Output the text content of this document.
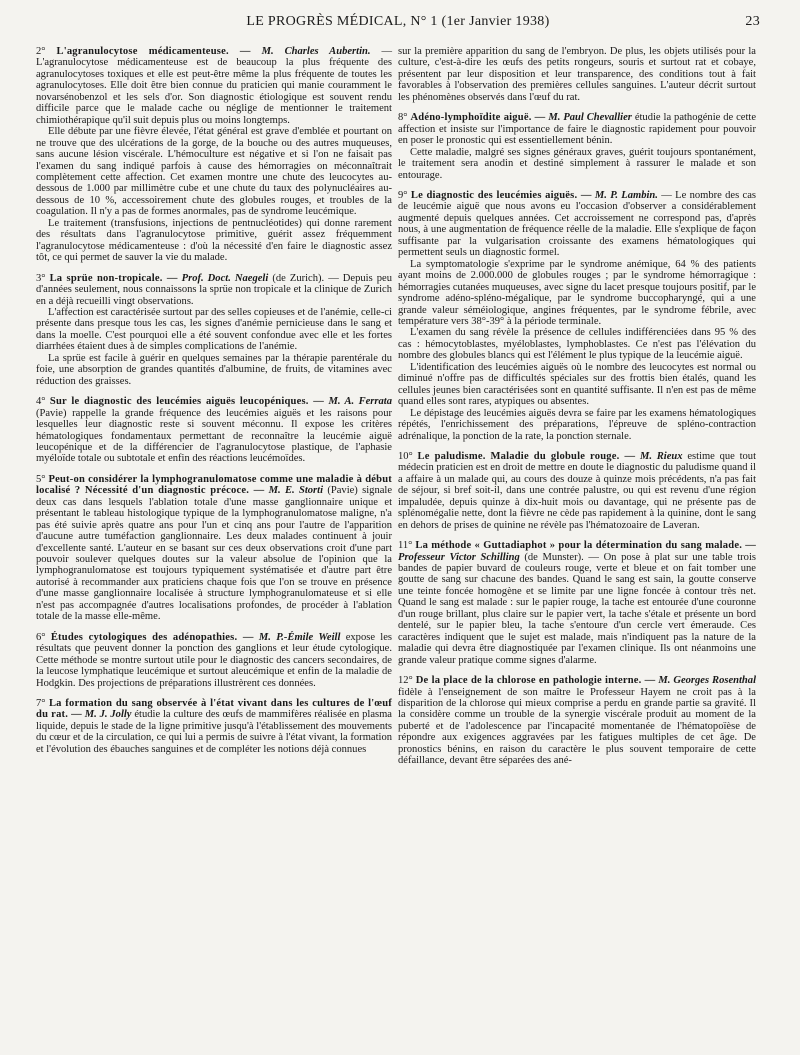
LE PROGRÈS MÉDICAL, N° 1 (1er Janvier 1938)	23

2° L'agranulocytose médicamenteuse. — M. Charles Aubertin. — L'agranulocytose médicamenteuse est de beaucoup la plus fréquente des agranulocytoses toxiques et elle est peut-être même la plus fréquente de toutes les agranulocytoses. Elle doit être bien connue du praticien qui manie couramment le novarsénobenzol et les sels d'or. Son diagnostic étiologique est souvent rendu difficile parce que le malade cache ou néglige de mentionner le traitement chimiothérapique qu'il suit depuis plus ou moins longtemps.

Elle débute par une fièvre élevée, l'état général est grave d'emblée et pourtant on ne trouve que des ulcérations de la gorge, de la bouche ou des autres muqueuses, sans aucune lésion viscérale. L'hémoculture est négative et si l'on ne faisait pas l'examen du sang indiqué parfois à cause des hémorragies on méconnaîtrait complètement cette affection. Cet examen montre une chute des leucocytes au-dessous de 1.000 par millimètre cube et une chute du taux des polynucléaires au-dessous de 10 %, accessoirement chute des globules rouges, et troubles de la coagulation. Il n'y a pas de formes anormales, pas de syndrome leucémique.

Le traitement (transfusions, injections de pentnucléotides) qui donne rarement des résultats dans l'agranulocytose primitive, guérit assez fréquemment l'agranulocytose médicamenteuse : d'où la nécessité d'en faire le diagnostic assez tôt, ce qui permet de sauver la vie du malade.

3° La sprüe non-tropicale. — Prof. Doct. Naegeli (de Zurich). — Depuis peu d'années seulement, nous connaissons la sprüe non tropicale et la clinique de Zurich en a déjà recueilli vingt observations.

L'affection est caractérisée surtout par des selles copieuses et de l'anémie, celle-ci présente dans presque tous les cas, les signes d'anémie pernicieuse dans le sang et dans la moelle. C'est pourquoi elle a été souvent confondue avec elle et les fortes diarrhées étaient dues à de simples complications de l'anémie.

La sprüe est facile à guérir en quelques semaines par la thérapie parentérale du foie, une absorption de grandes quantités d'albumine, de fruits, de vitamines avec réduction des graisses.

4° Sur le diagnostic des leucémies aiguës leucopéniques. — M. A. Ferrata (Pavie) rappelle la grande fréquence des leucémies aiguës et les raisons pour lesquelles leur diagnostic reste si souvent méconnu. Il expose les critères hématologiques fondamentaux permettant de reconnaître la leucémie aiguë leucopénique et de la différencier de l'agranulocytose plastique, de l'aphasie myéloïde totale ou subtotale et enfin des réactions leucémoïdes.

5° Peut-on considérer la lymphogranulomatose comme une maladie à début localisé ? Nécessité d'un diagnostic précoce. — M. E. Storti (Pavie) signale deux cas dans lesquels l'ablation totale d'une masse ganglionnaire unique et présentant le tableau histologique typique de la lymphogranulomatose maligne, n'a pas été suivie après quatre ans pour l'un et cinq ans pour l'autre de l'apparition d'aucune autre tuméfaction ganglionnaire. Les deux malades continuent à jouir d'excellente santé. L'auteur en se basant sur ces deux observations croit d'une part pouvoir soulever quelques doutes sur la valeur absolue de l'opinion que la lymphogranulomatose est toujours typiquement systématisée et d'autre part être autorisé à recommander aux praticiens chaque fois que l'on se trouve en présence d'une masse ganglionnaire localisée à structure lymphogranulomateuse et si elle n'est pas accompagnée d'autres localisations profondes, de procéder à l'ablation totale de la masse elle-même.

6° Études cytologiques des adénopathies. — M. P.-Émile Weill expose les résultats que peuvent donner la ponction des ganglions et leur étude cytologique. Cette méthode se montre surtout utile pour le diagnostic des cancers secondaires, de la leucose lymphatique leucémique et surtout aleucémique et enfin de la maladie de Hodgkin. Des projections de préparations illustrèrent ces données.

7° La formation du sang observée à l'état vivant dans les cultures de l'œuf du rat. — M. J. Jolly étudie la culture des œufs de mammifères réalisée en plasma liquide, depuis le stade de la ligne primitive jusqu'à l'établissement des mouvements du cœur et de la circulation, ce qui lui a permis de suivre à l'état vivant, la formation et l'évolution des ébauches sanguines et de compléter les notions déjà connues

sur la première apparition du sang de l'embryon. De plus, les objets utilisés pour la culture, c'est-à-dire les œufs des petits rongeurs, souris et surtout rat et cobaye, présentent par leur disposition et leur transparence, des conditions tout à fait favorables à l'observation des premières cellules sanguines. L'auteur décrit surtout les phénomènes observés dans l'œuf du rat.

8° Adéno-lymphoïdite aiguë. — M. Paul Chevallier étudie la pathogénie de cette affection et insiste sur l'importance de faire le diagnostic rapidement pour pouvoir en poser le pronostic qui est essentiellement bénin.

Cette maladie, malgré ses signes généraux graves, guérit toujours spontanément, le traitement sera anodin et destiné simplement à rassurer le malade et son entourage.

9° Le diagnostic des leucémies aiguës. — M. P. Lambin. — Le nombre des cas de leucémie aiguë que nous avons eu l'occasion d'observer a considérablement augmenté depuis quelques années. Cet accroissement ne correspond pas, d'après nous, à une augmentation de fréquence réelle de la maladie. Elle s'explique de façon suffisante par la vulgarisation croissante des examens hématologiques qui permettent seuls un diagnostic formel.

La symptomatologie s'exprime par le syndrome anémique, 64 % des patients ayant moins de 2.000.000 de globules rouges ; par le syndrome hémorragique : hémorragies cutanées muqueuses, avec signe du lacet presque toujours positif, par le syndrome adéno-spléno-mégalique, par le syndrome buccopharyngé, qui a une grande valeur séméiologique, angines fréquentes, par le syndrome fébrile, avec température vers 38°-39° à la période terminale.

L'examen du sang révèle la présence de cellules indifférenciées dans 95 % des cas : hémocytoblastes, myéloblastes, lymphoblastes. Ce n'est pas l'élévation du nombre des globules blancs qui est l'élément le plus typique de la leucémie aiguë.

L'identification des leucémies aiguës où le nombre des leucocytes est normal ou diminué n'offre pas de difficultés spéciales sur des frottis bien étalés, quand les cellules jeunes bien caractérisées sont en quantité suffisante. Il n'en est pas de même quand elles sont rares, atypiques ou absentes.

Le dépistage des leucémies aiguës devra se faire par les examens hématologiques répétés, l'enrichissement des préparations, l'épreuve de spléno-contraction adrénalique, la ponction de la rate, la ponction sternale.

10° Le paludisme. Maladie du globule rouge. — M. Rieux estime que tout médecin praticien est en droit de mettre en doute le diagnostic du paludisme quand il a affaire à un malade qui, au cours des douze à quinze mois précédents, n'a pas fait de séjour, si bref soit-il, dans une contrée palustre, ou qui est revenu d'une région impaludée, depuis quinze à dix-huit mois ou davantage, qui ne présente pas de splénomégalie nette, dont la fièvre ne cède pas rapidement à la quinine, dont le sang en dehors de prises de quinine ne révèle pas l'hématozoaire de Laveran.

11° La méthode « Guttadiaphot » pour la détermination du sang malade. — Professeur Victor Schilling (de Munster). — On pose à plat sur une table trois bandes de papier buvard de couleurs rouge, verte et bleue et on fait tomber une goutte de sang sur chacune des bandes. Quand le sang est sain, la goutte conserve une teinte foncée homogène et se limite par une ligne foncée à contour très net. Quand le sang est malade : sur le papier rouge, la tache est entourée d'une couronne d'un rouge brillant, plus claire sur le papier vert, la tache s'étale et présente un bord dentelé, sur le papier bleu, la tache s'entoure d'un cercle vert émeraude. Ces caractères indiquent que le sujet est malade, mais n'indiquent pas la nature de la maladie qui devra être diagnostiquée par l'examen clinique. Ils ont néanmoins une grande valeur pratique comme signes d'alarme.

12° De la place de la chlorose en pathologie interne. — M. Georges Rosenthal fidèle à l'enseignement de son maître le Professeur Hayem ne croit pas à la disparition de la chlorose qui mieux comprise a perdu en grande partie sa gravité. Il la considère comme un trouble de la synergie viscérale produit au moment de la puberté et de l'adolescence par l'incapacité momentanée de l'hématopoïèse de répondre aux exigences aggravées par les fatigues multiples de cet âge. De pronostics bénins, en raison du caractère le plus souvent temporaire de cette défaillance, devant être séparées des ané-
